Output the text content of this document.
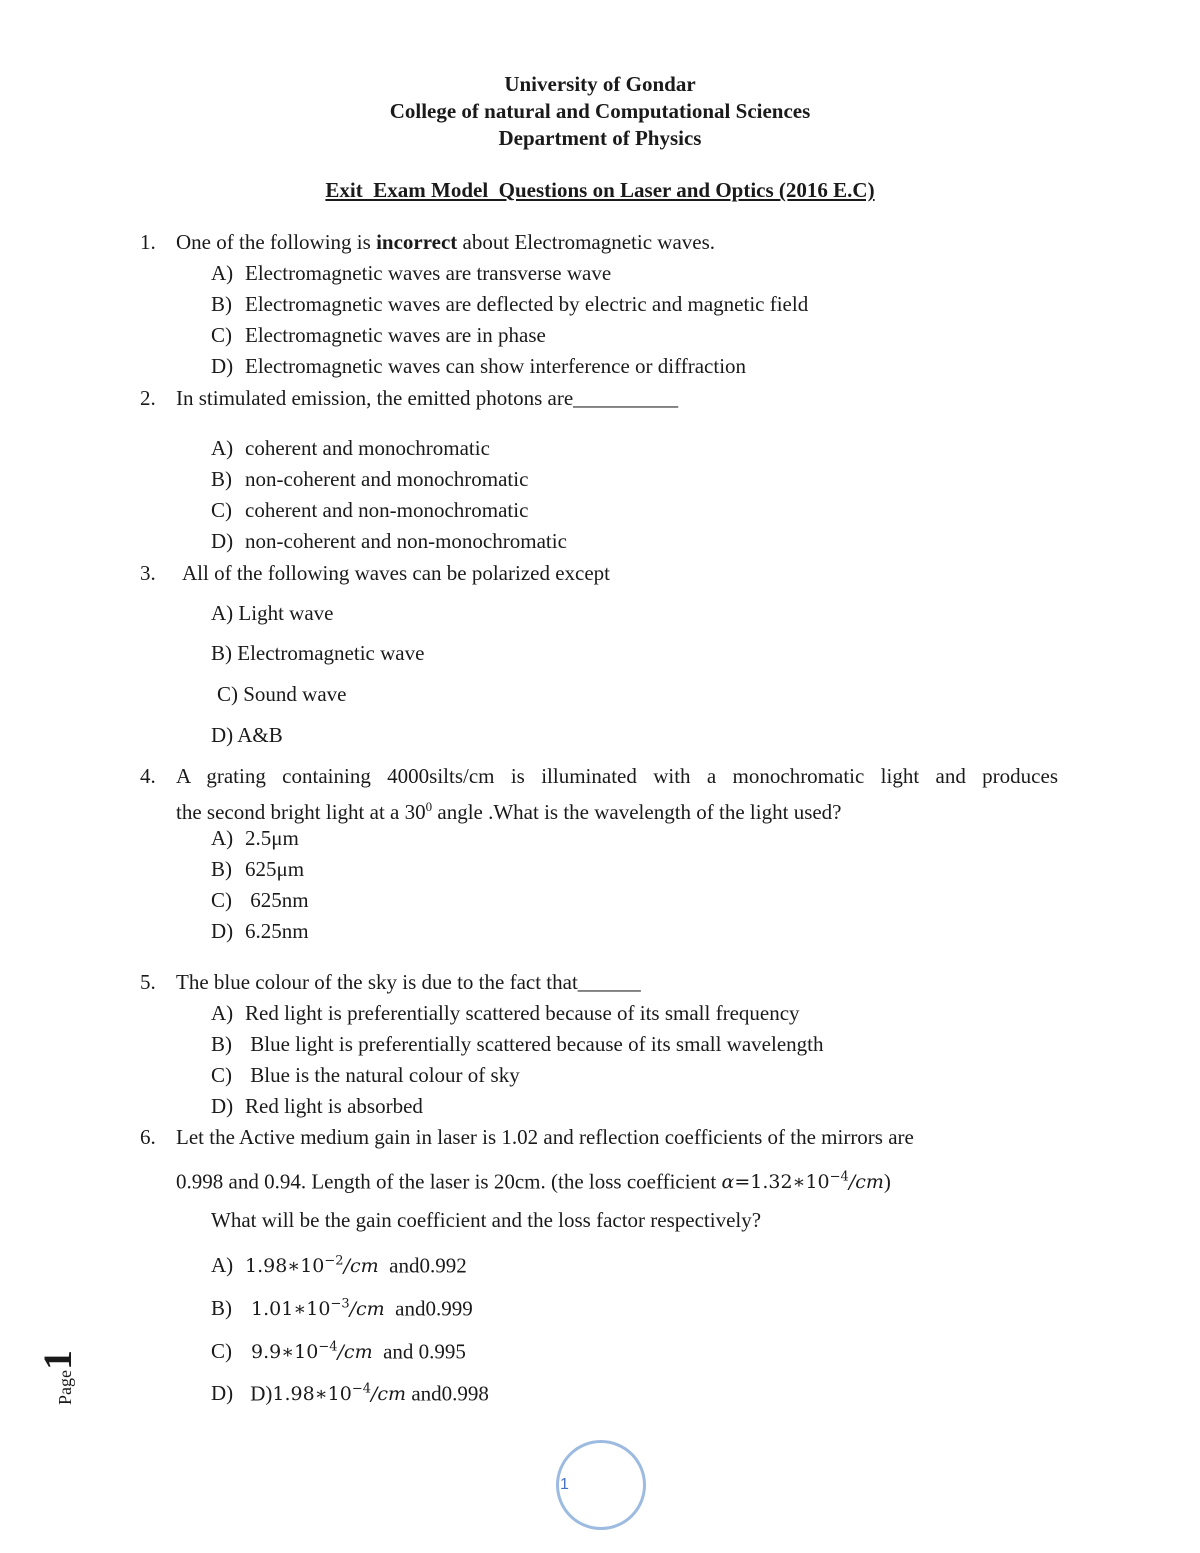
University of Gondar
College of natural and Computational Sciences
Department of Physics
Exit  Exam Model  Questions on Laser and Optics (2016 E.C)
1. One of the following is incorrect about Electromagnetic waves.
A) Electromagnetic waves are transverse wave
B) Electromagnetic waves are deflected by electric and magnetic field
C) Electromagnetic waves are in phase
D) Electromagnetic waves can show interference or diffraction
2. In stimulated emission, the emitted photons are__________
A) coherent and monochromatic
B) non-coherent and monochromatic
C) coherent and non-monochromatic
D) non-coherent and non-monochromatic
3. All of the following waves can be polarized except
A) Light wave
B) Electromagnetic wave
C) Sound wave
D) A&B
4. A grating containing 4000silts/cm is illuminated with a monochromatic light and produces
the second bright light at a $30^0$ angle .What is the wavelength of the light used?
A) 2.5μm
B) 625μm
C) 625nm
D) 6.25nm
5. The blue colour of the sky is due to the fact that______
A) Red light is preferentially scattered because of its small frequency
B) Blue light is preferentially scattered because of its small wavelength
C) Blue is the natural colour of sky
D) Red light is absorbed
6. Let the Active medium gain in laser is 1.02 and reflection coefficients of the mirrors are
0.998 and 0.94. Length of the laser is 20cm. (the loss coefficient $\alpha=1.32∗10^{-4}/cm$)
What will be the gain coefficient and the loss factor respectively?
A) $1.98∗10^{-2}/cm$  and0.992
B) $1.01∗10^{-3}/cm$  and0.999
C) $9.9∗10^{-4}/cm$  and 0.995
D) $D)1.98∗10^{-4}/cm$ and0.998
Page1
1
